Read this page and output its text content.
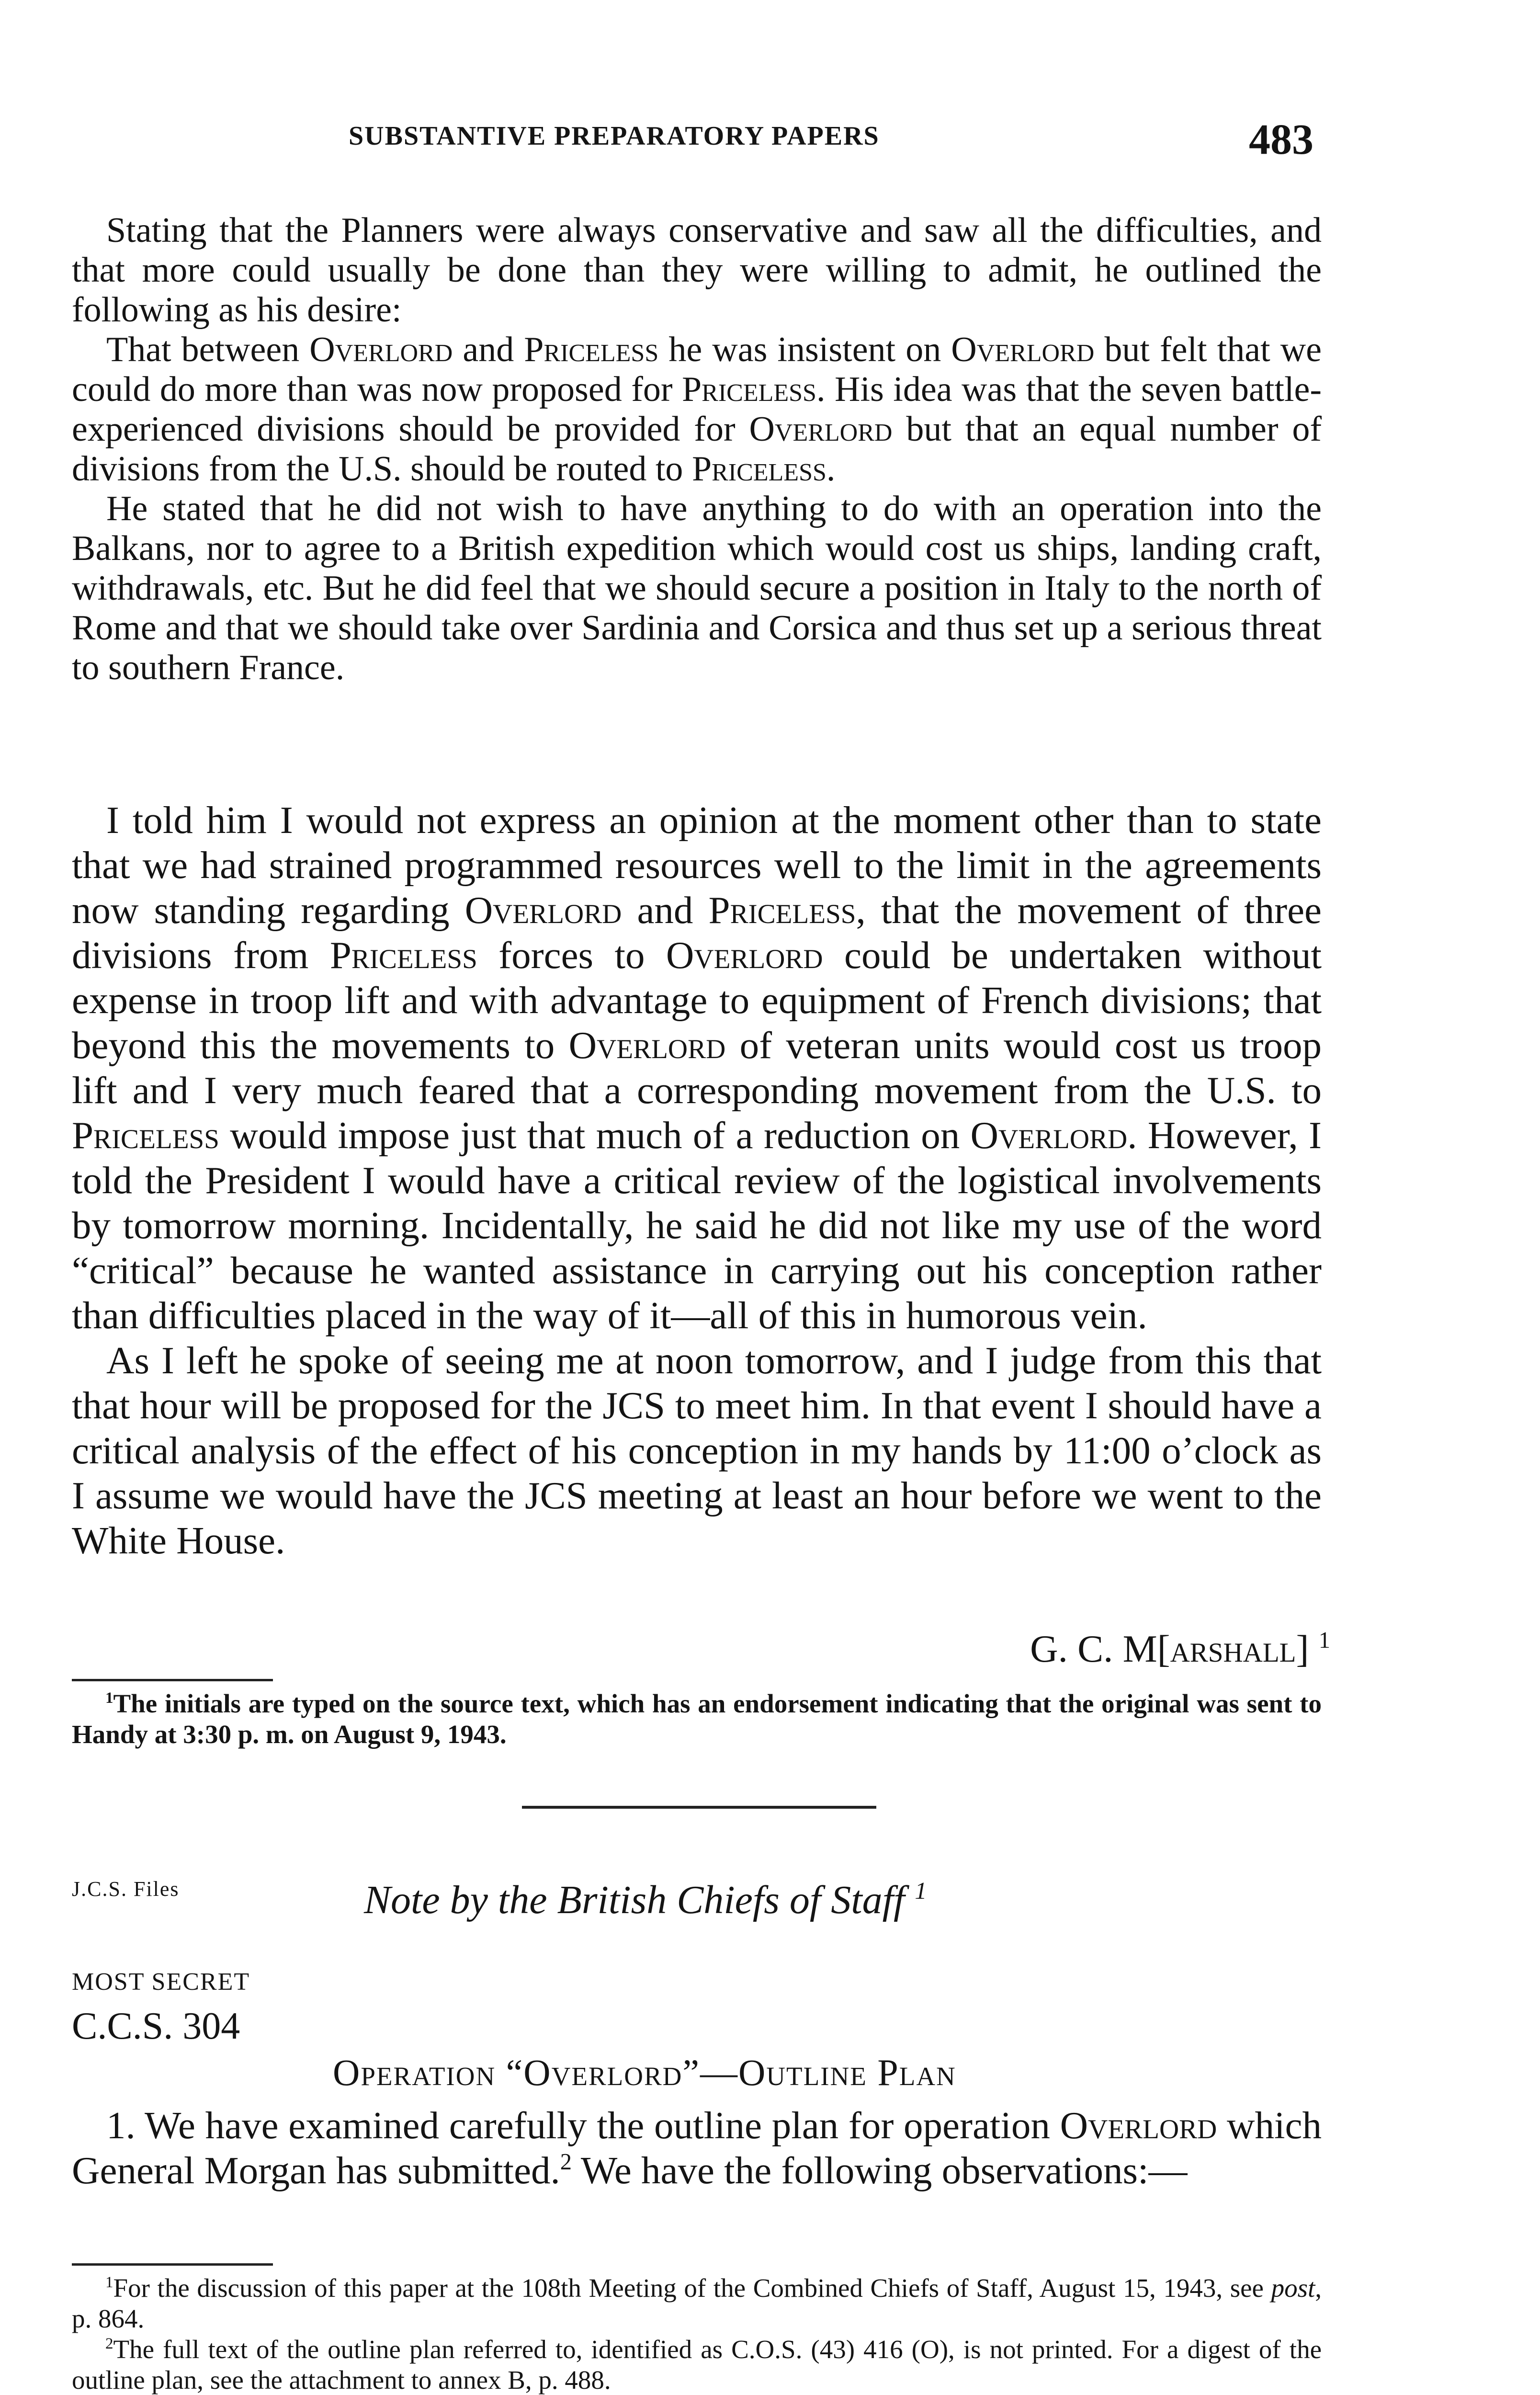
SUBSTANTIVE PREPARATORY PAPERS	483

Stating that the Planners were always conservative and saw all the difficulties, and that more could usually be done than they were willing to admit, he outlined the following as his desire:

That between Overlord and Priceless he was insistent on Overlord but felt that we could do more than was now proposed for Priceless. His idea was that the seven battle-experienced divisions should be provided for Overlord but that an equal number of divisions from the U.S. should be routed to Priceless.

He stated that he did not wish to have anything to do with an operation into the Balkans, nor to agree to a British expedition which would cost us ships, landing craft, withdrawals, etc. But he did feel that we should secure a position in Italy to the north of Rome and that we should take over Sardinia and Corsica and thus set up a serious threat to southern France.

I told him I would not express an opinion at the moment other than to state that we had strained programmed resources well to the limit in the agreements now standing regarding Overlord and Priceless, that the movement of three divisions from Priceless forces to Overlord could be undertaken without expense in troop lift and with advantage to equipment of French divisions; that beyond this the movements to Overlord of veteran units would cost us troop lift and I very much feared that a corresponding movement from the U.S. to Priceless would impose just that much of a reduction on Overlord. However, I told the President I would have a critical review of the logistical involvements by tomorrow morning. Incidentally, he said he did not like my use of the word “critical” because he wanted assistance in carrying out his conception rather than difficulties placed in the way of it—all of this in humorous vein.

As I left he spoke of seeing me at noon tomorrow, and I judge from this that that hour will be proposed for the JCS to meet him. In that event I should have a critical analysis of the effect of his conception in my hands by 11:00 o’clock as I assume we would have the JCS meeting at least an hour before we went to the White House.

G. C. M[arshall] $^1$
$^1$The initials are typed on the source text, which has an endorsement indicating that the original was sent to Handy at 3:30 p. m. on August 9, 1943.
J.C.S. Files	Note by the British Chiefs of Staff $^1$
MOST SECRET
C.C.S. 304
Operation “Overlord”—Outline Plan

1. We have examined carefully the outline plan for operation Overlord which General Morgan has submitted.$^2$ We have the following observations:—

$^1$For the discussion of this paper at the 108th Meeting of the Combined Chiefs of Staff, August 15, 1943, see post, p. 864.
$^2$The full text of the outline plan referred to, identified as C.O.S. (43) 416 (O), is not printed. For a digest of the outline plan, see the attachment to annex B, p. 488.
